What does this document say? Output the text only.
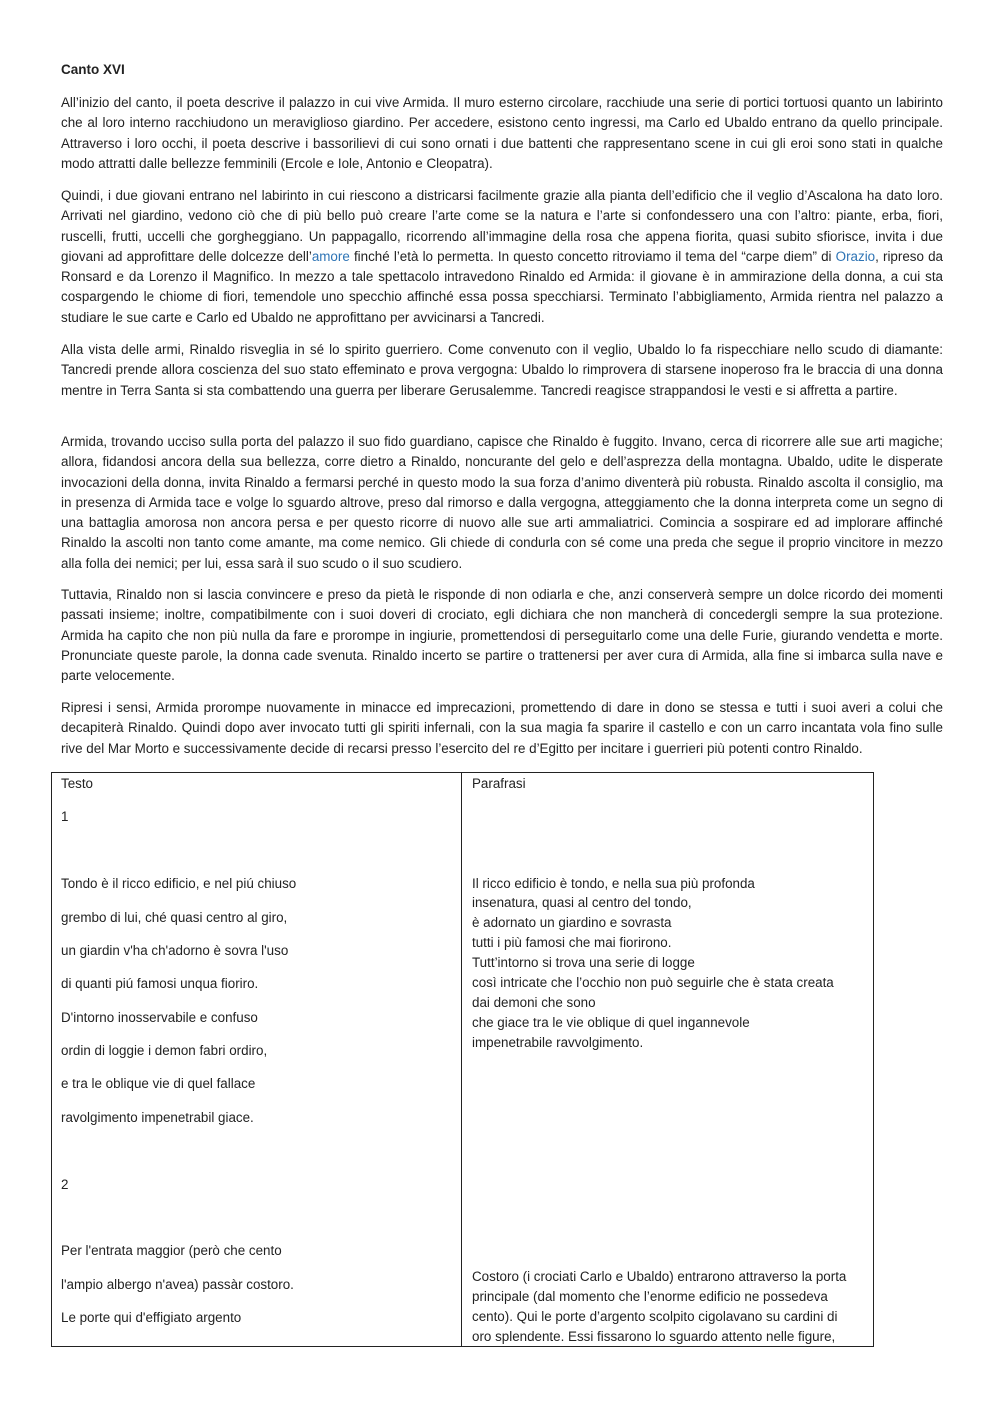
Canto XVI

All’inizio del canto, il poeta descrive il palazzo in cui vive Armida. Il muro esterno circolare, racchiude una serie di portici tortuosi quanto un labirinto che al loro interno racchiudono un meraviglioso giardino. Per accedere, esistono cento ingressi, ma Carlo ed Ubaldo entrano da quello principale. Attraverso i loro occhi, il poeta descrive i bassorilievi di cui sono ornati i due battenti che rappresentano scene in cui gli eroi sono stati in qualche modo attratti dalle bellezze femminili (Ercole e Iole, Antonio e Cleopatra).

Quindi, i due giovani entrano nel labirinto in cui riescono a districarsi facilmente grazie alla pianta dell’edificio che il veglio d’Ascalona ha dato loro. Arrivati nel giardino, vedono ciò che di più bello può creare l’arte come se la natura e l’arte si confondessero una con l’altro: piante, erba, fiori, ruscelli, frutti, uccelli che gorgheggiano. Un pappagallo, ricorrendo all’immagine della rosa che appena fiorita, quasi subito sfiorisce, invita i due giovani ad approfittare delle dolcezze dell’amore finché l’età lo permetta. In questo concetto ritroviamo il tema del “carpe diem” di Orazio, ripreso da Ronsard e da Lorenzo il Magnifico. In mezzo a tale spettacolo intravedono Rinaldo ed Armida: il giovane è in ammirazione della donna, a cui sta cospargendo le chiome di fiori, temendole uno specchio affinché essa possa specchiarsi. Terminato l’abbigliamento, Armida rientra nel palazzo a studiare le sue carte e Carlo ed Ubaldo ne approfittano per avvicinarsi a Tancredi.

Alla vista delle armi, Rinaldo risveglia in sé lo spirito guerriero. Come convenuto con il veglio, Ubaldo lo fa rispecchiare nello scudo di diamante: Tancredi prende allora coscienza del suo stato effeminato e prova vergogna: Ubaldo lo rimprovera di starsene inoperoso fra le braccia di una donna mentre in Terra Santa si sta combattendo una guerra per liberare Gerusalemme. Tancredi reagisce strappandosi le vesti e si affretta a partire.

Armida, trovando ucciso sulla porta del palazzo il suo fido guardiano, capisce che Rinaldo è fuggito. Invano, cerca di ricorrere alle sue arti magiche; allora, fidandosi ancora della sua bellezza, corre dietro a Rinaldo, noncurante del gelo e dell’asprezza della montagna. Ubaldo, udite le disperate invocazioni della donna, invita Rinaldo a fermarsi perché in questo modo la sua forza d’animo diventerà più robusta. Rinaldo ascolta il consiglio, ma in presenza di Armida tace e volge lo sguardo altrove, preso dal rimorso e dalla vergogna, atteggiamento che la donna interpreta come un segno di una battaglia amorosa non ancora persa e per questo ricorre di nuovo alle sue arti ammaliatrici. Comincia a sospirare ed ad implorare affinché Rinaldo la ascolti non tanto come amante, ma come nemico. Gli chiede di condurla con sé come una preda che segue il proprio vincitore in mezzo alla folla dei nemici; per lui, essa sarà il suo scudo o il suo scudiero.

Tuttavia, Rinaldo non si lascia convincere e preso da pietà le risponde di non odiarla e che, anzi conserverà sempre un dolce ricordo dei momenti passati insieme; inoltre, compatibilmente con i suoi doveri di crociato, egli dichiara che non mancherà di concedergli sempre la sua protezione. Armida ha capito che non più nulla da fare e prorompe in ingiurie, promettendosi di perseguitarlo come una delle Furie, giurando vendetta e morte. Pronunciate queste parole, la donna cade svenuta. Rinaldo incerto se partire o trattenersi per aver cura di Armida, alla fine si imbarca sulla nave e parte velocemente.

Ripresi i sensi, Armida prorompe nuovamente in minacce ed imprecazioni, promettendo di dare in dono se stessa e tutti i suoi averi a colui che decapiterà Rinaldo. Quindi dopo aver invocato tutti gli spiriti infernali, con la sua magia fa sparire il castello e con un carro incantata vola fino sulle rive del Mar Morto e successivamente decide di recarsi presso l’esercito del re d’Egitto per incitare i guerrieri più potenti contro Rinaldo.

Testo	Parafrasi
1
Tondo è il ricco edificio, e nel piú chiuso
grembo di lui, ché quasi centro al giro,
un giardin v'ha ch'adorno è sovra l'uso
di quanti piú famosi unqua fioriro.
D'intorno inosservabile e confuso
ordin di loggie i demon fabri ordiro,
e tra le oblique vie di quel fallace
ravolgimento impenetrabil giace.
Il ricco edificio è tondo, e nella sua più profonda
insenatura, quasi al centro del tondo,
è adornato un giardino e sovrasta
tutti i più famosi che mai fiorirono.
Tutt’intorno si trova una serie di logge
così intricate che l’occhio non può seguirle che è stata creata
dai demoni che sono
che giace tra le vie oblique di quel ingannevole
impenetrabile ravvolgimento.
2
Per l'entrata maggior (però che cento
l'ampio albergo n'avea) passàr costoro.
Le porte qui d'effigiato argento
Costoro (i crociati Carlo e Ubaldo) entrarono attraverso la porta
principale (dal momento che l’enorme edificio ne possedeva
cento). Qui le porte d’argento scolpito cigolavano su cardini di
oro splendente. Essi fissarono lo sguardo attento nelle figure,
